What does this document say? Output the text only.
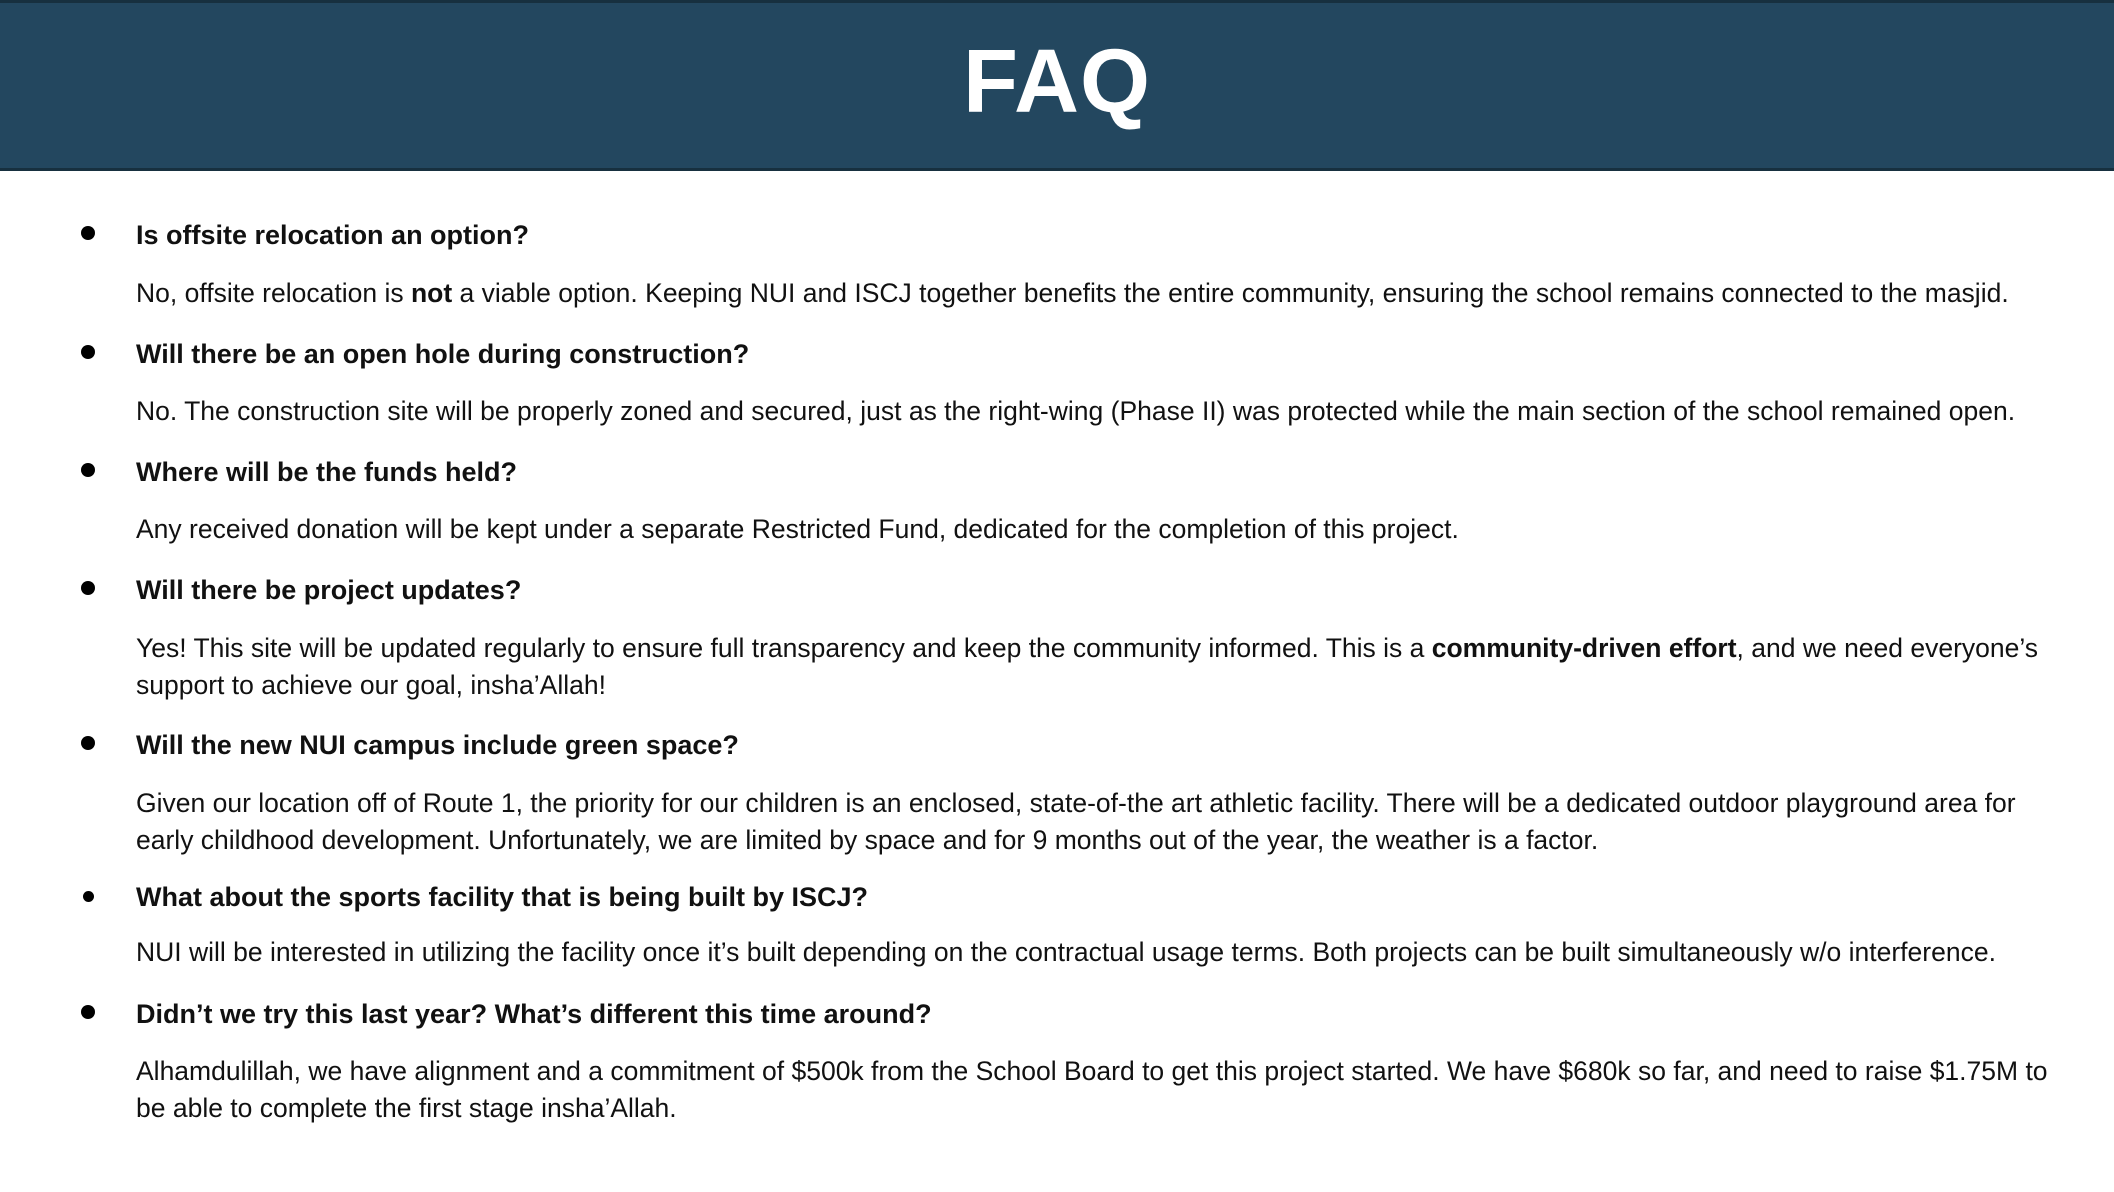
FAQ
Is offsite relocation an option?
No, offsite relocation is not a viable option. Keeping NUI and ISCJ together benefits the entire community, ensuring the school remains connected to the masjid.
Will there be an open hole during construction?
No. The construction site will be properly zoned and secured, just as the right-wing (Phase II) was protected while the main section of the school remained open.
Where will be the funds held?
Any received donation will be kept under a separate Restricted Fund, dedicated for the completion of this project.
Will there be project updates?
Yes! This site will be updated regularly to ensure full transparency and keep the community informed. This is a community-driven effort, and we need everyone’s support to achieve our goal, insha’Allah!
Will the new NUI campus include green space?
Given our location off of Route 1, the priority for our children is an enclosed, state-of-the art athletic facility. There will be a dedicated outdoor playground area for early childhood development. Unfortunately, we are limited by space and for 9 months out of the year, the weather is a factor.
What about the sports facility that is being built by ISCJ?
NUI will be interested in utilizing the facility once it’s built depending on the contractual usage terms. Both projects can be built simultaneously w/o interference.
Didn’t we try this last year? What’s different this time around?
Alhamdulillah, we have alignment and a commitment of $500k from the School Board to get this project started. We have $680k so far, and need to raise $1.75M to be able to complete the first stage insha’Allah.
